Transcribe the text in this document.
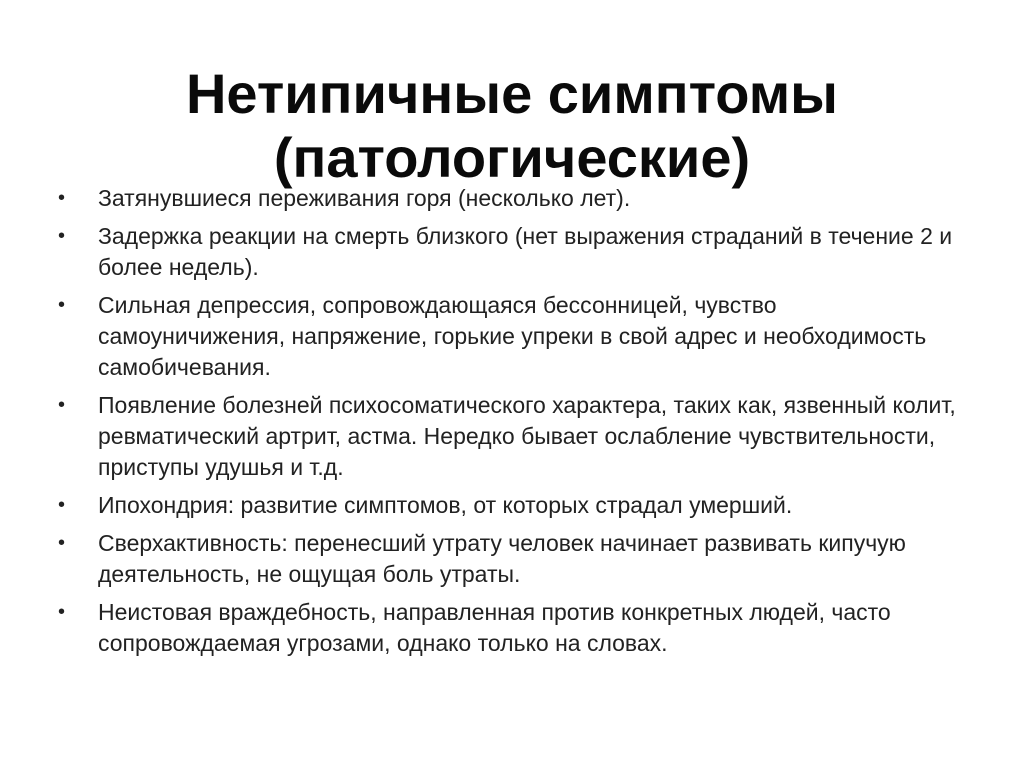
Нетипичные симптомы
(патологические)
• Затянувшиеся переживания горя (несколько лет).
• Задержка реакции на смерть близкого (нет выражения страданий в течение 2 и более недель).
• Сильная депрессия, сопровождающаяся бессонницей, чувство самоуничижения, напряжение, горькие упреки в свой адрес и необходимость самобичевания.
• Появление болезней психосоматического характера, таких как, язвенный колит, ревматический артрит, астма. Нередко бывает ослабление чувствительности, приступы удушья и т.д.
• Ипохондрия: развитие симптомов, от которых страдал умерший.
• Сверхактивность: перенесший утрату человек начинает развивать кипучую деятельность, не ощущая боль утраты.
• Неистовая враждебность, направленная против конкретных людей, часто сопровождаемая угрозами, однако только на словах.
